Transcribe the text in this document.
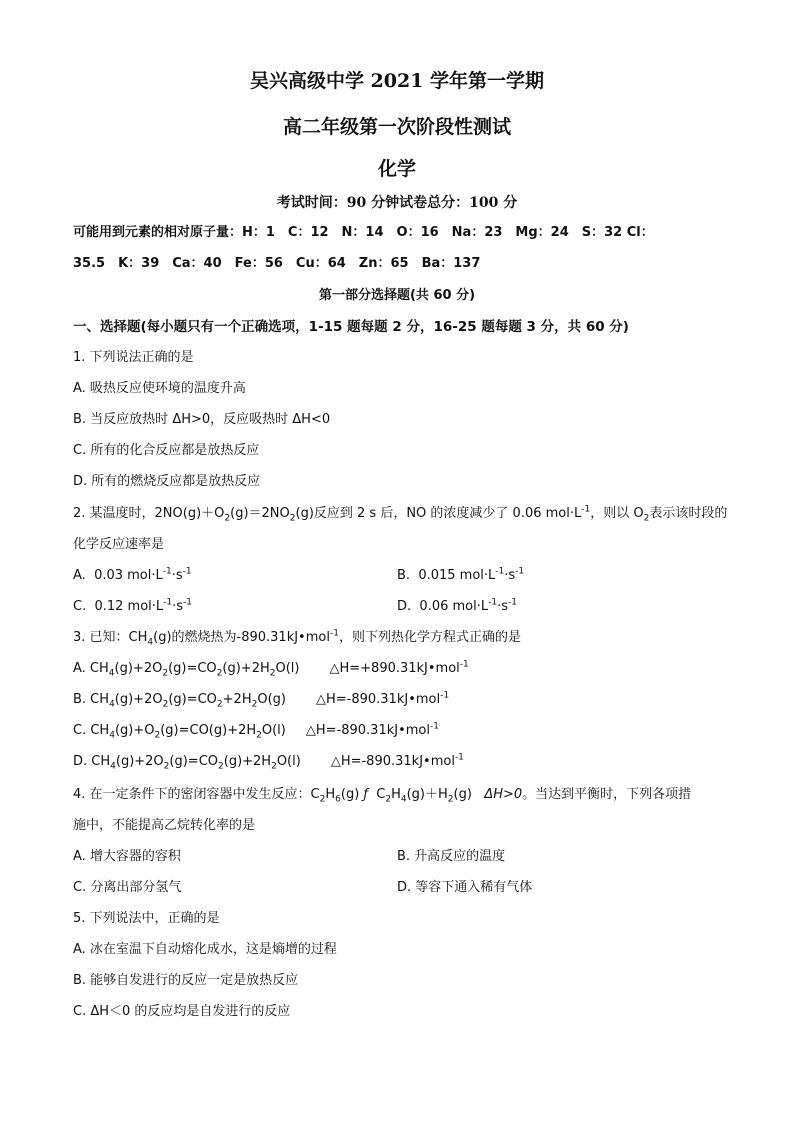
吴兴高级中学 2021 学年第一学期
高二年级第一次阶段性测试
化学
考试时间：90 分钟试卷总分：100 分
可能用到元素的相对原子量：H：1　C：12　N：14　O：16　Na：23　Mg：24　S：32 Cl：
35.5　K：39　Ca：40　Fe：56　Cu：64　Zn：65　Ba：137
第一部分选择题(共 60 分)
一、选择题(每小题只有一个正确选项，1-15 题每题 2 分，16-25 题每题 3 分，共 60 分)
1. 下列说法正确的是
A. 吸热反应使环境的温度升高
B. 当反应放热时 ΔH>0，反应吸热时 ΔH<0
C. 所有的化合反应都是放热反应
D. 所有的燃烧反应都是放热反应
2. 某温度时，$2NO(g)+O_2(g)=2NO_2(g)$反应到 2 s 后，NO 的浓度减少了 0.06 $mol\cdot L^{-1}$，则以 $O_2$表示该时段的
化学反应速率是
A. 0.03 $mol\cdot L^{-1}\cdot s^{-1}$	B. 0.015 $mol\cdot L^{-1}\cdot s^{-1}$
C. 0.12 $mol\cdot L^{-1}\cdot s^{-1}$	D. 0.06 $mol\cdot L^{-1}\cdot s^{-1}$
3. 已知：$CH_4(g)$的燃烧热为-890.31kJ•mol$^{-1}$，则下列热化学方程式正确的是
A. $CH_4(g)+2O_2(g)=CO_2(g)+2H_2O(l)$ △H=+890.31kJ•mol$^{-1}$
B. $CH_4(g)+2O_2(g)=CO_2+2H_2O(g)$ △H=-890.31kJ•mol$^{-1}$
C. $CH_4(g)+O_2(g)=CO(g)+2H_2O(l)$ △H=-890.31kJ•mol$^{-1}$
D. $CH_4(g)+2O_2(g)=CO_2(g)+2H_2O(l)$ △H=-890.31kJ•mol$^{-1}$
4. 在一定条件下的密闭容器中发生反应：$C_2H_6(g)$ ƒ $C_2H_4(g)+H_2(g)$ ΔH>0。当达到平衡时，下列各项措
施中，不能提高乙烷转化率的是
A. 增大容器的容积	B. 升高反应的温度
C. 分离出部分氢气	D. 等容下通入稀有气体
5. 下列说法中，正确的是
A. 冰在室温下自动熔化成水，这是熵增的过程
B. 能够自发进行的反应一定是放热反应
C. ΔH＜0 的反应均是自发进行的反应
